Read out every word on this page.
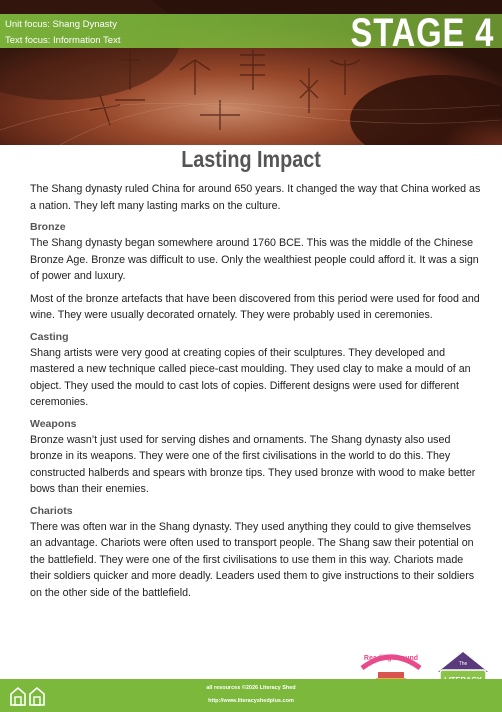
Unit focus: Shang Dynasty
Text focus: Information Text	STAGE 4
Lasting Impact

The Shang dynasty ruled China for around 650 years. It changed the way that China worked as a nation. They left many lasting marks on the culture.

Bronze

The Shang dynasty began somewhere around 1760 BCE. This was the middle of the Chinese Bronze Age. Bronze was difficult to use. Only the wealthiest people could afford it. It was a sign of power and luxury.

Most of the bronze artefacts that have been discovered from this period were used for food and wine. They were usually decorated ornately. They were probably used in ceremonies.

Casting

Shang artists were very good at creating copies of their sculptures. They developed and mastered a new technique called piece-cast moulding. They used clay to make a mould of an object. They used the mould to cast lots of copies. Different designs were used for different ceremonies.

Weapons

Bronze wasn’t just used for serving dishes and ornaments. The Shang dynasty also used bronze in its weapons. They were one of the first civilisations in the world to do this. They constructed halberds and spears with bronze tips. They used bronze with wood to make better bows than their enemies.

Chariots

There was often war in the Shang dynasty. They used anything they could to give themselves an advantage. Chariots were often used to transport people. The Shang saw their potential on the battlefield. They were one of the first civilisations to use them in this way. Chariots made their soldiers quicker and more deadly. Leaders used them to give instructions to their soldiers on the other side of the battlefield.

Reading Around
The
all resources ©2026 Literacy Shed
http://www.literacyshedplus.com
